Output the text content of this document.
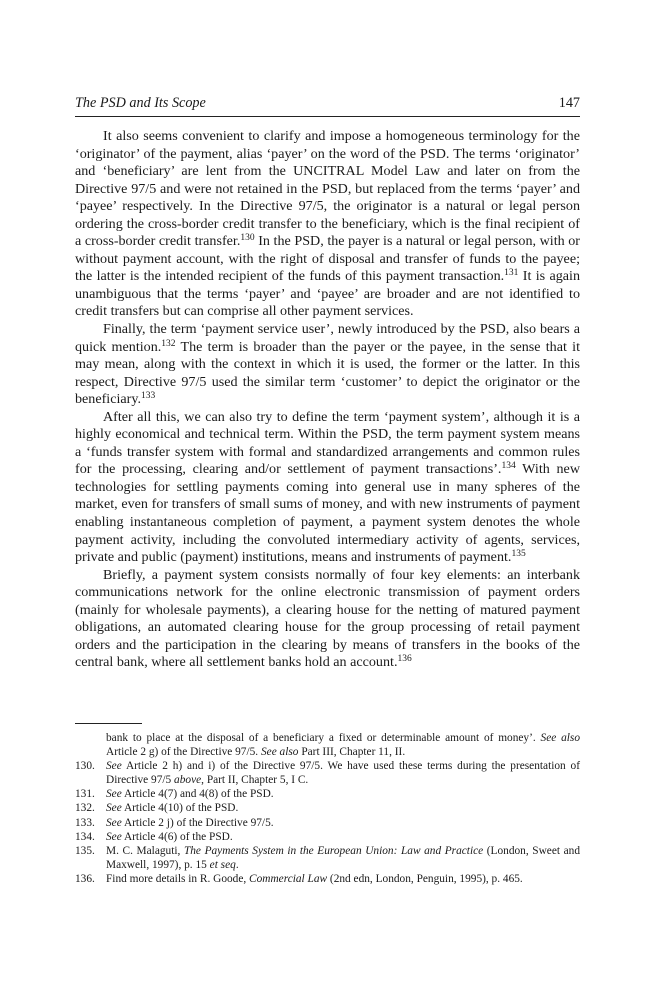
The PSD and Its Scope	147

It also seems convenient to clarify and impose a homogeneous terminology for the ‘originator’ of the payment, alias ‘payer’ on the word of the PSD. The terms ‘originator’ and ‘beneficiary’ are lent from the UNCITRAL Model Law and later on from the Directive 97/5 and were not retained in the PSD, but replaced from the terms ‘payer’ and ‘payee’ respectively. In the Directive 97/5, the originator is a natural or legal person ordering the cross-border credit transfer to the beneficiary, which is the final recipient of a cross-border credit transfer.$^{130}$ In the PSD, the payer is a natural or legal person, with or without payment account, with the right of disposal and transfer of funds to the payee; the latter is the intended recipient of the funds of this payment transaction.$^{131}$ It is again unambiguous that the terms ‘payer’ and ‘payee’ are broader and are not identified to credit transfers but can comprise all other payment services.

Finally, the term ‘payment service user’, newly introduced by the PSD, also bears a quick mention.$^{132}$ The term is broader than the payer or the payee, in the sense that it may mean, along with the context in which it is used, the former or the latter. In this respect, Directive 97/5 used the similar term ‘customer’ to depict the originator or the beneficiary.$^{133}$

After all this, we can also try to define the term ‘payment system’, although it is a highly economical and technical term. Within the PSD, the term payment system means a ‘funds transfer system with formal and standardized arrangements and common rules for the processing, clearing and/or settlement of payment transactions’.$^{134}$ With new technologies for settling payments coming into general use in many spheres of the market, even for transfers of small sums of money, and with new instruments of payment enabling instantaneous completion of payment, a payment system denotes the whole payment activity, including the convoluted intermediary activity of agents, services, private and public (payment) institutions, means and instruments of payment.$^{135}$

Briefly, a payment system consists normally of four key elements: an interbank communications network for the online electronic transmission of payment orders (mainly for wholesale payments), a clearing house for the netting of matured payment obligations, an automated clearing house for the group processing of retail payment orders and the participation in the clearing by means of transfers in the books of the central bank, where all settlement banks hold an account.$^{136}$

bank to place at the disposal of a beneficiary a fixed or determinable amount of money’. See also Article 2 g) of the Directive 97/5. See also Part III, Chapter 11, II.
130. See Article 2 h) and i) of the Directive 97/5. We have used these terms during the presentation of Directive 97/5 above, Part II, Chapter 5, I C.
131. See Article 4(7) and 4(8) of the PSD.
132. See Article 4(10) of the PSD.
133. See Article 2 j) of the Directive 97/5.
134. See Article 4(6) of the PSD.
135. M. C. Malaguti, The Payments System in the European Union: Law and Practice (London, Sweet and Maxwell, 1997), p. 15 et seq.
136. Find more details in R. Goode, Commercial Law (2nd edn, London, Penguin, 1995), p. 465.
